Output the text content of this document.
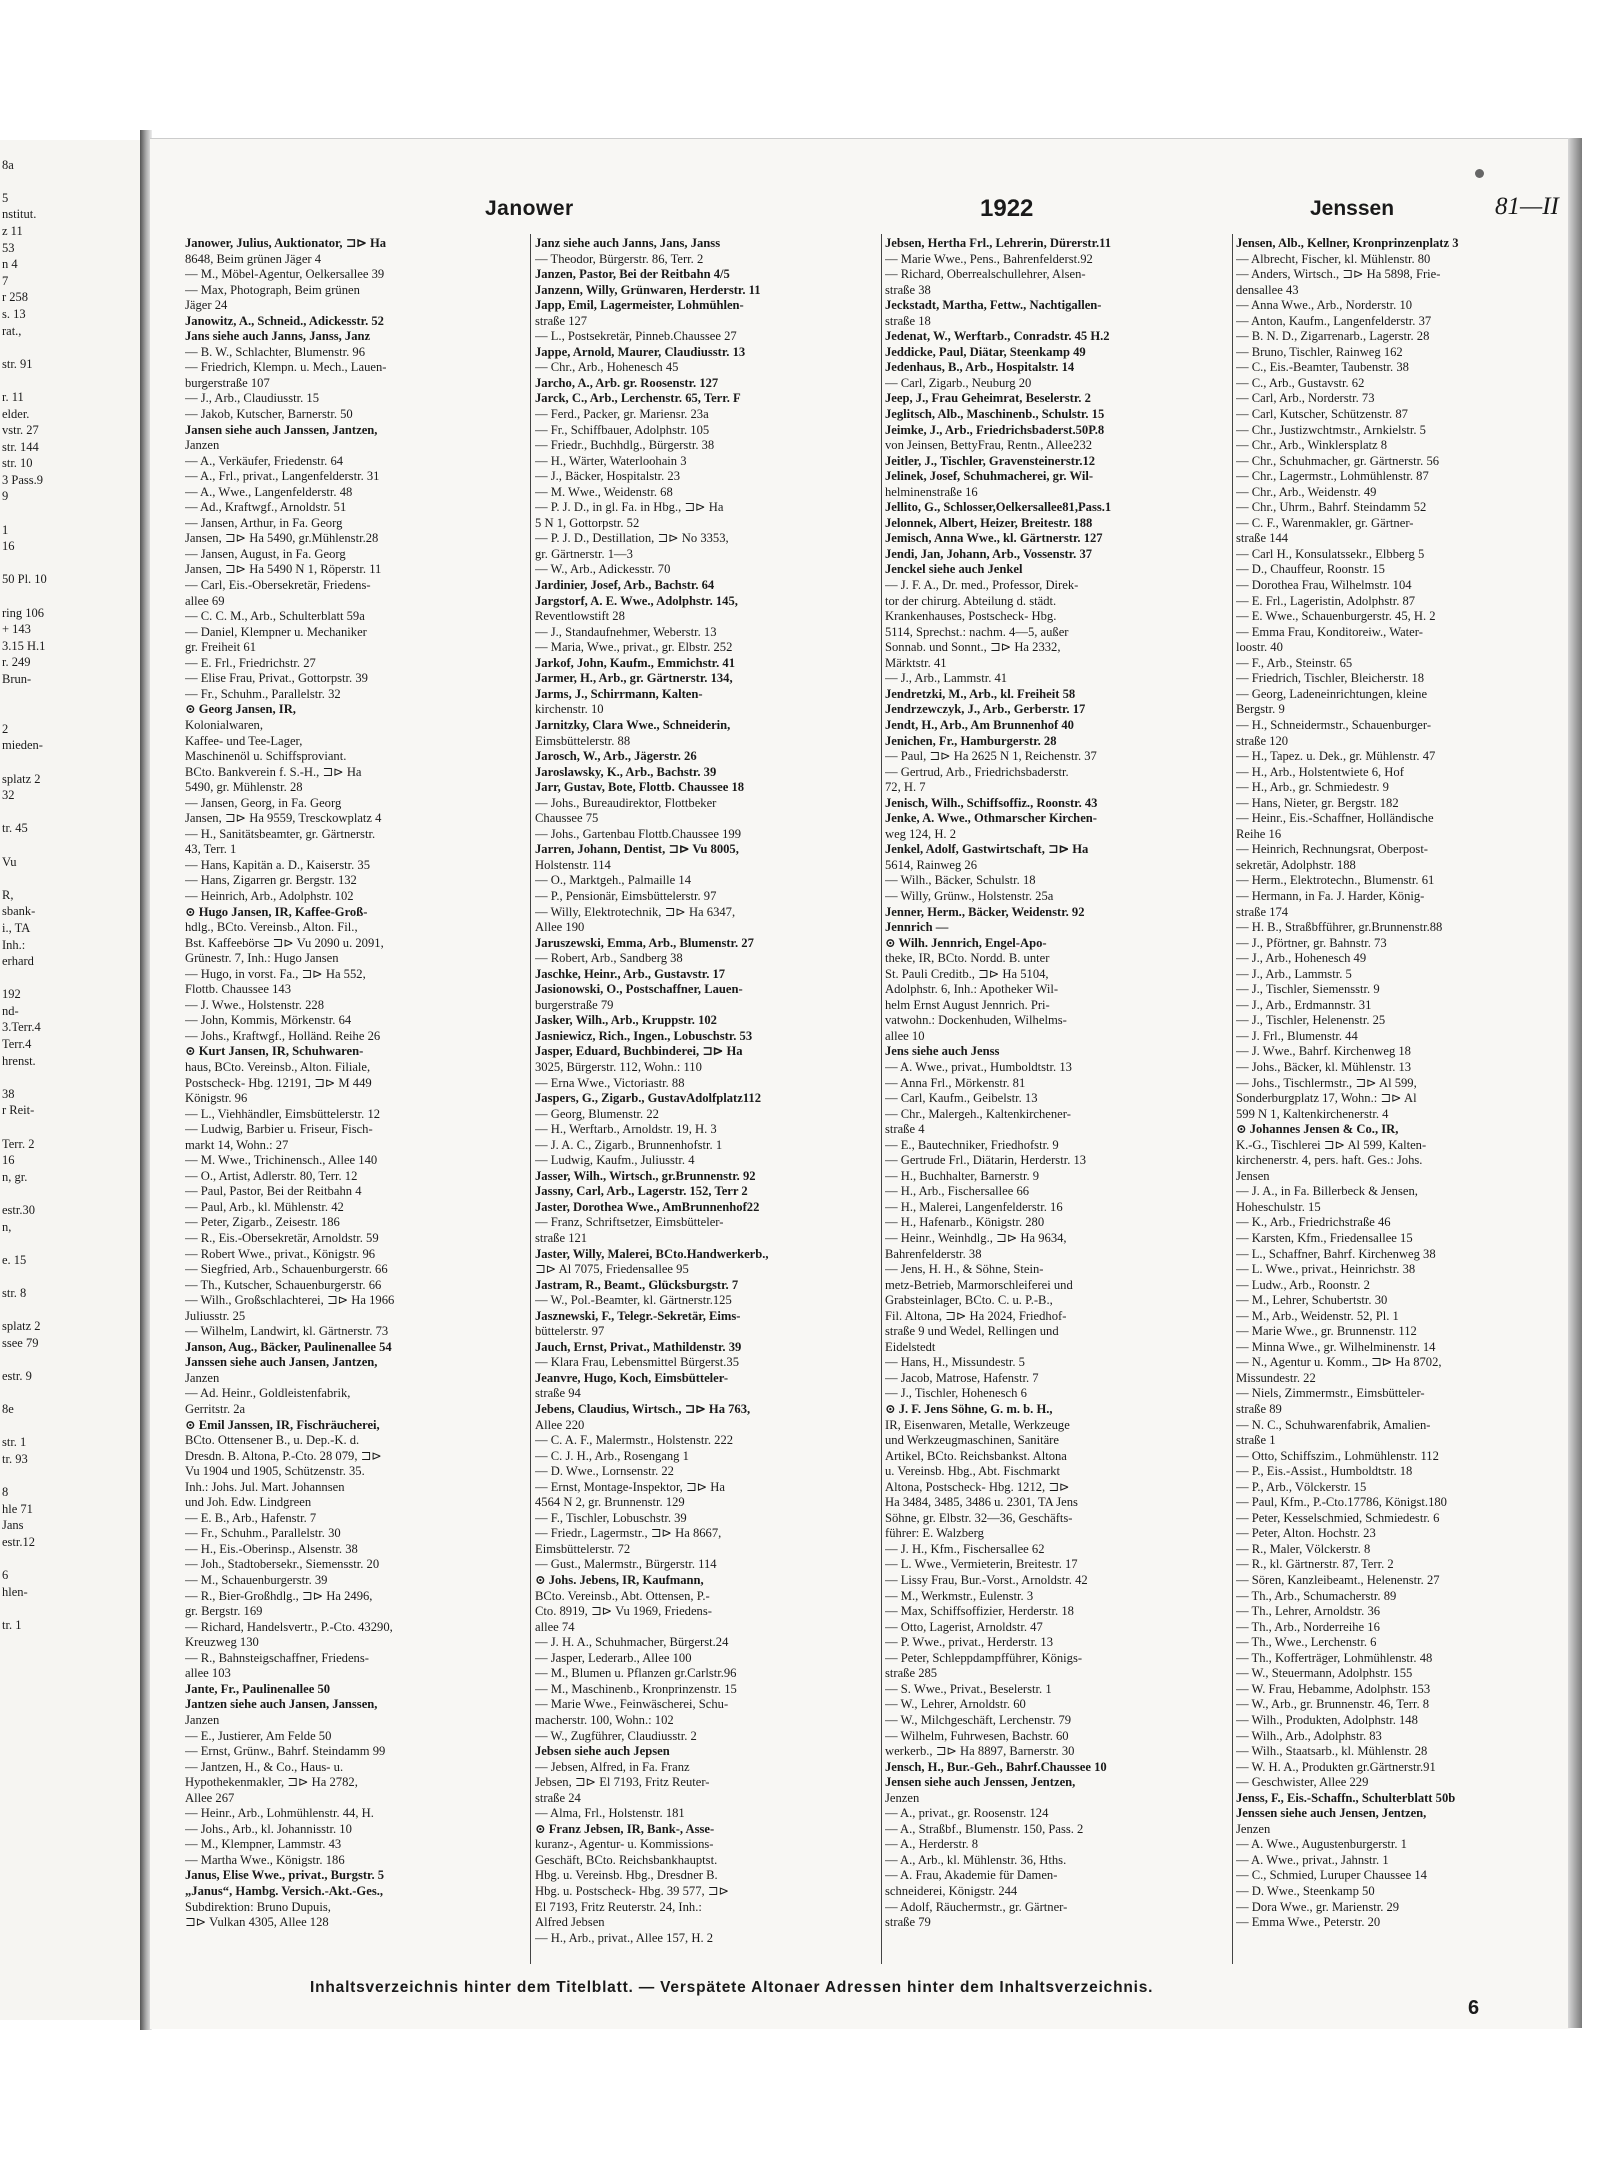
8a

5
nstitut.
z 11
53
n 4
7
r 258
s. 13
rat.,

str. 91

r. 11
elder.
vstr. 27
str. 144
str. 10
3 Pass.9
9

1
16

50 Pl. 10

ring 106
+ 143
3.15 H.1
r. 249
Brun-

2
mieden-

splatz 2
32

tr. 45

Vu

R,
sbank-
i., TA
Inh.:
erhard

192
nd-
3.Terr.4
Terr.4
hrenst.

38
r Reit-

Terr. 2
16
n, gr.

estr.30
n,

e. 15

str. 8

splatz 2
ssee 79

estr. 9

8e

str. 1
tr. 93

8
hle 71
Jans
estr.12

6
hlen-

tr. 1
Janower	1922	Jenssen	81—II
Janower, Julius, Auktionator, ⊐⊳ Ha
8648, Beim grünen Jäger 4
— M., Möbel-Agentur, Oelkersallee 39
— Max, Photograph, Beim grünen
Jäger 24
Janowitz, A., Schneid., Adickesstr. 52
Jans siehe auch Janns, Janss, Janz
— B. W., Schlachter, Blumenstr. 96
— Friedrich, Klempn. u. Mech., Lauen-
burgerstraße 107
— J., Arb., Claudiusstr. 15
— Jakob, Kutscher, Barnerstr. 50
Jansen siehe auch Janssen, Jantzen,
Janzen
— A., Verkäufer, Friedenstr. 64
— A., Frl., privat., Langenfelderstr. 31
— A., Wwe., Langenfelderstr. 48
— Ad., Kraftwgf., Arnoldstr. 51
— Jansen, Arthur, in Fa. Georg
Jansen, ⊐⊳ Ha 5490, gr.Mühlenstr.28
— Jansen, August, in Fa. Georg
Jansen, ⊐⊳ Ha 5490 N 1, Röperstr. 11
— Carl, Eis.-Obersekretär, Friedens-
allee 69
— C. C. M., Arb., Schulterblatt 59a
— Daniel, Klempner u. Mechaniker
gr. Freiheit 61
— E. Frl., Friedrichstr. 27
— Elise Frau, Privat., Gottorpstr. 39
— Fr., Schuhm., Parallelstr. 32
⊙ Georg Jansen, IR,
Kolonialwaren,
Kaffee- und Tee-Lager,
Maschinenöl u. Schiffsproviant.
BCto. Bankverein f. S.-H., ⊐⊳ Ha
5490, gr. Mühlenstr. 28
— Jansen, Georg, in Fa. Georg
Jansen, ⊐⊳ Ha 9559, Tresckowplatz 4
— H., Sanitätsbeamter, gr. Gärtnerstr.
43, Terr. 1
— Hans, Kapitän a. D., Kaiserstr. 35
— Hans, Zigarren gr. Bergstr. 132
— Heinrich, Arb., Adolphstr. 102
⊙ Hugo Jansen, IR, Kaffee-Groß-
hdlg., BCto. Vereinsb., Alton. Fil.,
Bst. Kaffeebörse ⊐⊳ Vu 2090 u. 2091,
Grünestr. 7, Inh.: Hugo Jansen
— Hugo, in vorst. Fa., ⊐⊳ Ha 552,
Flottb. Chaussee 143
— J. Wwe., Holstenstr. 228
— John, Kommis, Mörkenstr. 64
— Johs., Kraftwgf., Holländ. Reihe 26
⊙ Kurt Jansen, IR, Schuhwaren-
haus, BCto. Vereinsb., Alton. Filiale,
Postscheck- Hbg. 12191, ⊐⊳ M 449
Königstr. 96
— L., Viehhändler, Eimsbüttelerstr. 12
— Ludwig, Barbier u. Friseur, Fisch-
markt 14, Wohn.: 27
— M. Wwe., Trichinensch., Allee 140
— O., Artist, Adlerstr. 80, Terr. 12
— Paul, Pastor, Bei der Reitbahn 4
— Paul, Arb., kl. Mühlenstr. 42
— Peter, Zigarb., Zeisestr. 186
— R., Eis.-Obersekretär, Arnoldstr. 59
— Robert Wwe., privat., Königstr. 96
— Siegfried, Arb., Schauenburgerstr. 66
— Th., Kutscher, Schauenburgerstr. 66
— Wilh., Großschlachterei, ⊐⊳ Ha 1966
Juliusstr. 25
— Wilhelm, Landwirt, kl. Gärtnerstr. 73
Janson, Aug., Bäcker, Paulinenallee 54
Janssen siehe auch Jansen, Jantzen,
Janzen
— Ad. Heinr., Goldleistenfabrik,
Gerritstr. 2a
⊙ Emil Janssen, IR, Fischräucherei,
BCto. Ottensener B., u. Dep.-K. d.
Dresdn. B. Altona, P.-Cto. 28 079, ⊐⊳
Vu 1904 und 1905, Schützenstr. 35.
Inh.: Johs. Jul. Mart. Johannsen
und Joh. Edw. Lindgreen
— E. B., Arb., Hafenstr. 7
— Fr., Schuhm., Parallelstr. 30
— H., Eis.-Oberinsp., Alsenstr. 38
— Joh., Stadtobersekr., Siemensstr. 20
— M., Schauenburgerstr. 39
— R., Bier-Großhdlg., ⊐⊳ Ha 2496,
gr. Bergstr. 169
— Richard, Handelsvertr., P.-Cto. 43290,
Kreuzweg 130
— R., Bahnsteigschaffner, Friedens-
allee 103
Jante, Fr., Paulinenallee 50
Jantzen siehe auch Jansen, Janssen,
Janzen
— E., Justierer, Am Felde 50
— Ernst, Grünw., Bahrf. Steindamm 99
— Jantzen, H., & Co., Haus- u.
Hypothekenmakler, ⊐⊳ Ha 2782,
Allee 267
— Heinr., Arb., Lohmühlenstr. 44, H.
— Johs., Arb., kl. Johannisstr. 10
— M., Klempner, Lammstr. 43
— Martha Wwe., Königstr. 186
Janus, Elise Wwe., privat., Burgstr. 5
„Janus“, Hambg. Versich.-Akt.-Ges.,
Subdirektion: Bruno Dupuis,
⊐⊳ Vulkan 4305, Allee 128
Janz siehe auch Janns, Jans, Janss
— Theodor, Bürgerstr. 86, Terr. 2
Janzen, Pastor, Bei der Reitbahn 4/5
Janzenn, Willy, Grünwaren, Herderstr. 11
Japp, Emil, Lagermeister, Lohmühlen-
straße 127
— L., Postsekretär, Pinneb.Chaussee 27
Jappe, Arnold, Maurer, Claudiusstr. 13
— Chr., Arb., Hohenesch 45
Jarcho, A., Arb. gr. Roosenstr. 127
Jarck, C., Arb., Lerchenstr. 65, Terr. F
— Ferd., Packer, gr. Mariensr. 23a
— Fr., Schiffbauer, Adolphstr. 105
— Friedr., Buchhdlg., Bürgerstr. 38
— H., Wärter, Waterloohain 3
— J., Bäcker, Hospitalstr. 23
— M. Wwe., Weidenstr. 68
— P. J. D., in gl. Fa. in Hbg., ⊐⊳ Ha
5 N 1, Gottorpstr. 52
— P. J. D., Destillation, ⊐⊳ No 3353,
gr. Gärtnerstr. 1—3
— W., Arb., Adickesstr. 70
Jardinier, Josef, Arb., Bachstr. 64
Jargstorf, A. E. Wwe., Adolphstr. 145,
Reventlowstift 28
— J., Standaufnehmer, Weberstr. 13
— Maria, Wwe., privat., gr. Elbstr. 252
Jarkof, John, Kaufm., Emmichstr. 41
Jarmer, H., Arb., gr. Gärtnerstr. 134,
Jarms, J., Schirrmann, Kalten-
kirchenstr. 10
Jarnitzky, Clara Wwe., Schneiderin,
Eimsbüttelerstr. 88
Jarosch, W., Arb., Jägerstr. 26
Jaroslawsky, K., Arb., Bachstr. 39
Jarr, Gustav, Bote, Flottb. Chaussee 18
— Johs., Bureaudirektor, Flottbeker
Chaussee 75
— Johs., Gartenbau Flottb.Chaussee 199
Jarren, Johann, Dentist, ⊐⊳ Vu 8005,
Holstenstr. 114
— O., Marktgeh., Palmaille 14
— P., Pensionär, Eimsbüttelerstr. 97
— Willy, Elektrotechnik, ⊐⊳ Ha 6347,
Allee 190
Jaruszewski, Emma, Arb., Blumenstr. 27
— Robert, Arb., Sandberg 38
Jaschke, Heinr., Arb., Gustavstr. 17
Jasionowski, O., Postschaffner, Lauen-
burgerstraße 79
Jasker, Wilh., Arb., Kruppstr. 102
Jasniewicz, Rich., Ingen., Lobuschstr. 53
Jasper, Eduard, Buchbinderei, ⊐⊳ Ha
3025, Bürgerstr. 112, Wohn.: 110
— Erna Wwe., Victoriastr. 88
Jaspers, G., Zigarb., GustavAdolfplatz112
— Georg, Blumenstr. 22
— H., Werftarb., Arnoldstr. 19, H. 3
— J. A. C., Zigarb., Brunnenhofstr. 1
— Ludwig, Kaufm., Juliusstr. 4
Jasser, Wilh., Wirtsch., gr.Brunnenstr. 92
Jassny, Carl, Arb., Lagerstr. 152, Terr 2
Jaster, Dorothea Wwe., AmBrunnenhof22
— Franz, Schriftsetzer, Eimsbütteler-
straße 121
Jaster, Willy, Malerei, BCto.Handwerkerb.,
⊐⊳ Al 7075, Friedensallee 95
Jastram, R., Beamt., Glücksburgstr. 7
— W., Pol.-Beamter, kl. Gärtnerstr.125
Jasznewski, F., Telegr.-Sekretär, Eims-
büttelerstr. 97
Jauch, Ernst, Privat., Mathildenstr. 39
— Klara Frau, Lebensmittel Bürgerst.35
Jeanvre, Hugo, Koch, Eimsbütteler-
straße 94
Jebens, Claudius, Wirtsch., ⊐⊳ Ha 763,
Allee 220
— C. A. F., Malermstr., Holstenstr. 222
— C. J. H., Arb., Rosengang 1
— D. Wwe., Lornsenstr. 22
— Ernst, Montage-Inspektor, ⊐⊳ Ha
4564 N 2, gr. Brunnenstr. 129
— F., Tischler, Lobuschstr. 39
— Friedr., Lagermstr., ⊐⊳ Ha 8667,
Eimsbüttelerstr. 72
— Gust., Malermstr., Bürgerstr. 114
⊙ Johs. Jebens, IR, Kaufmann,
BCto. Vereinsb., Abt. Ottensen, P.-
Cto. 8919, ⊐⊳ Vu 1969, Friedens-
allee 74
— J. H. A., Schuhmacher, Bürgerst.24
— Jasper, Lederarb., Allee 100
— M., Blumen u. Pflanzen gr.Carlstr.96
— M., Maschinenb., Kronprinzenstr. 15
— Marie Wwe., Feinwäscherei, Schu-
macherstr. 100, Wohn.: 102
— W., Zugführer, Claudiusstr. 2
Jebsen siehe auch Jepsen
— Jebsen, Alfred, in Fa. Franz
Jebsen, ⊐⊳ El 7193, Fritz Reuter-
straße 24
— Alma, Frl., Holstenstr. 181
⊙ Franz Jebsen, IR, Bank-, Asse-
kuranz-, Agentur- u. Kommissions-
Geschäft, BCto. Reichsbankhauptst.
Hbg. u. Vereinsb. Hbg., Dresdner B.
Hbg. u. Postscheck- Hbg. 39 577, ⊐⊳
El 7193, Fritz Reuterstr. 24, Inh.:
Alfred Jebsen
— H., Arb., privat., Allee 157, H. 2
Jebsen, Hertha Frl., Lehrerin, Dürerstr.11
— Marie Wwe., Pens., Bahrenfelderst.92
— Richard, Oberrealschullehrer, Alsen-
straße 38
Jeckstadt, Martha, Fettw., Nachtigallen-
straße 18
Jedenat, W., Werftarb., Conradstr. 45 H.2
Jeddicke, Paul, Diätar, Steenkamp 49
Jedenhaus, B., Arb., Hospitalstr. 14
— Carl, Zigarb., Neuburg 20
Jeep, J., Frau Geheimrat, Beselerstr. 2
Jeglitsch, Alb., Maschinenb., Schulstr. 15
Jeimke, J., Arb., Friedrichsbaderst.50P.8
von Jeinsen, BettyFrau, Rentn., Allee232
Jeitler, J., Tischler, Gravensteinerstr.12
Jelinek, Josef, Schuhmacherei, gr. Wil-
helminenstraße 16
Jellito, G., Schlosser,Oelkersallee81,Pass.1
Jelonnek, Albert, Heizer, Breitestr. 188
Jemisch, Anna Wwe., kl. Gärtnerstr. 127
Jendi, Jan, Johann, Arb., Vossenstr. 37
Jenckel siehe auch Jenkel
— J. F. A., Dr. med., Professor, Direk-
tor der chirurg. Abteilung d. städt.
Krankenhauses, Postscheck- Hbg.
5114, Sprechst.: nachm. 4—5, außer
Sonnab. und Sonnt., ⊐⊳ Ha 2332,
Märktstr. 41
— J., Arb., Lammstr. 41
Jendretzki, M., Arb., kl. Freiheit 58
Jendrzewczyk, J., Arb., Gerberstr. 17
Jendt, H., Arb., Am Brunnenhof 40
Jenichen, Fr., Hamburgerstr. 28
— Paul, ⊐⊳ Ha 2625 N 1, Reichenstr. 37
— Gertrud, Arb., Friedrichsbaderstr.
72, H. 7
Jenisch, Wilh., Schiffsoffiz., Roonstr. 43
Jenke, A. Wwe., Othmarscher Kirchen-
weg 124, H. 2
Jenkel, Adolf, Gastwirtschaft, ⊐⊳ Ha
5614, Rainweg 26
— Wilh., Bäcker, Schulstr. 18
— Willy, Grünw., Holstenstr. 25a
Jenner, Herm., Bäcker, Weidenstr. 92
Jennrich —
⊙ Wilh. Jennrich, Engel-Apo-
theke, IR, BCto. Nordd. B. unter
St. Pauli Creditb., ⊐⊳ Ha 5104,
Adolphstr. 6, Inh.: Apotheker Wil-
helm Ernst August Jennrich. Pri-
vatwohn.: Dockenhuden, Wilhelms-
allee 10
Jens siehe auch Jenss
— A. Wwe., privat., Humboldtstr. 13
— Anna Frl., Mörkenstr. 81
— Carl, Kaufm., Geibelstr. 13
— Chr., Malergeh., Kaltenkirchener-
straße 4
— E., Bautechniker, Friedhofstr. 9
— Gertrude Frl., Diätarin, Herderstr. 13
— H., Buchhalter, Barnerstr. 9
— H., Arb., Fischersallee 66
— H., Malerei, Langenfelderstr. 16
— H., Hafenarb., Königstr. 280
— Heinr., Weinhdlg., ⊐⊳ Ha 9634,
Bahrenfelderstr. 38
— Jens, H. H., & Söhne, Stein-
metz-Betrieb, Marmorschleiferei und
Grabsteinlager, BCto. C. u. P.-B.,
Fil. Altona, ⊐⊳ Ha 2024, Friedhof-
straße 9 und Wedel, Rellingen und
Eidelstedt
— Hans, H., Missundestr. 5
— Jacob, Matrose, Hafenstr. 7
— J., Tischler, Hohenesch 6
⊙ J. F. Jens Söhne, G. m. b. H.,
IR, Eisenwaren, Metalle, Werkzeuge
und Werkzeugmaschinen, Sanitäre
Artikel, BCto. Reichsbankst. Altona
u. Vereinsb. Hbg., Abt. Fischmarkt
Altona, Postscheck- Hbg. 1212, ⊐⊳
Ha 3484, 3485, 3486 u. 2301, TA Jens
Söhne, gr. Elbstr. 32—36, Geschäfts-
führer: E. Walzberg
— J. H., Kfm., Fischersallee 62
— L. Wwe., Vermieterin, Breitestr. 17
— Lissy Frau, Bur.-Vorst., Arnoldstr. 42
— M., Werkmstr., Eulenstr. 3
— Max, Schiffsoffizier, Herderstr. 18
— Otto, Lagerist, Arnoldstr. 47
— P. Wwe., privat., Herderstr. 13
— Peter, Schleppdampfführer, Königs-
straße 285
— S. Wwe., Privat., Beselerstr. 1
— W., Lehrer, Arnoldstr. 60
— W., Milchgeschäft, Lerchenstr. 79
— Wilhelm, Fuhrwesen, Bachstr. 60
werkerb., ⊐⊳ Ha 8897, Barnerstr. 30
Jensch, H., Bur.-Geh., Bahrf.Chaussee 10
Jensen siehe auch Jenssen, Jentzen,
Jenzen
— A., privat., gr. Roosenstr. 124
— A., Straßbf., Blumenstr. 150, Pass. 2
— A., Herderstr. 8
— A., Arb., kl. Mühlenstr. 36, Hths.
— A. Frau, Akademie für Damen-
schneiderei, Königstr. 244
— Adolf, Räuchermstr., gr. Gärtner-
straße 79
Jensen, Alb., Kellner, Kronprinzenplatz 3
— Albrecht, Fischer, kl. Mühlenstr. 80
— Anders, Wirtsch., ⊐⊳ Ha 5898, Frie-
densallee 43
— Anna Wwe., Arb., Norderstr. 10
— Anton, Kaufm., Langenfelderstr. 37
— B. N. D., Zigarrenarb., Lagerstr. 28
— Bruno, Tischler, Rainweg 162
— C., Eis.-Beamter, Taubenstr. 38
— C., Arb., Gustavstr. 62
— Carl, Arb., Norderstr. 73
— Carl, Kutscher, Schützenstr. 87
— Chr., Justizwchtmstr., Arnkielstr. 5
— Chr., Arb., Winklersplatz 8
— Chr., Schuhmacher, gr. Gärtnerstr. 56
— Chr., Lagermstr., Lohmühlenstr. 87
— Chr., Arb., Weidenstr. 49
— Chr., Uhrm., Bahrf. Steindamm 52
— C. F., Warenmakler, gr. Gärtner-
straße 144
— Carl H., Konsulatssekr., Elbberg 5
— D., Chauffeur, Roonstr. 15
— Dorothea Frau, Wilhelmstr. 104
— E. Frl., Lageristin, Adolphstr. 87
— E. Wwe., Schauenburgerstr. 45, H. 2
— Emma Frau, Konditoreiw., Water-
loostr. 40
— F., Arb., Steinstr. 65
— Friedrich, Tischler, Bleicherstr. 18
— Georg, Ladeneinrichtungen, kleine
Bergstr. 9
— H., Schneidermstr., Schauenburger-
straße 120
— H., Tapez. u. Dek., gr. Mühlenstr. 47
— H., Arb., Holstentwiete 6, Hof
— H., Arb., gr. Schmiedestr. 9
— Hans, Nieter, gr. Bergstr. 182
— Heinr., Eis.-Schaffner, Holländische
Reihe 16
— Heinrich, Rechnungsrat, Oberpost-
sekretär, Adolphstr. 188
— Herm., Elektrotechn., Blumenstr. 61
— Hermann, in Fa. J. Harder, König-
straße 174
— H. B., Straßbfführer, gr.Brunnenstr.88
— J., Pförtner, gr. Bahnstr. 73
— J., Arb., Hohenesch 49
— J., Arb., Lammstr. 5
— J., Tischler, Siemensstr. 9
— J., Arb., Erdmannstr. 31
— J., Tischler, Helenenstr. 25
— J. Frl., Blumenstr. 44
— J. Wwe., Bahrf. Kirchenweg 18
— Johs., Bäcker, kl. Mühlenstr. 13
— Johs., Tischlermstr., ⊐⊳ Al 599,
Sonderburgplatz 17, Wohn.: ⊐⊳ Al
599 N 1, Kaltenkirchenerstr. 4
⊙ Johannes Jensen & Co., IR,
K.-G., Tischlerei ⊐⊳ Al 599, Kalten-
kirchenerstr. 4, pers. haft. Ges.: Johs.
Jensen
— J. A., in Fa. Billerbeck & Jensen,
Hoheschulstr. 15
— K., Arb., Friedrichstraße 46
— Karsten, Kfm., Friedensallee 15
— L., Schaffner, Bahrf. Kirchenweg 38
— L. Wwe., privat., Heinrichstr. 38
— Ludw., Arb., Roonstr. 2
— M., Lehrer, Schubertstr. 30
— M., Arb., Weidenstr. 52, Pl. 1
— Marie Wwe., gr. Brunnenstr. 112
— Minna Wwe., gr. Wilhelminenstr. 14
— N., Agentur u. Komm., ⊐⊳ Ha 8702,
Missundestr. 22
— Niels, Zimmermstr., Eimsbütteler-
straße 89
— N. C., Schuhwarenfabrik, Amalien-
straße 1
— Otto, Schiffszim., Lohmühlenstr. 112
— P., Eis.-Assist., Humboldtstr. 18
— P., Arb., Völckerstr. 15
— Paul, Kfm., P.-Cto.17786, Königst.180
— Peter, Kesselschmied, Schmiedestr. 6
— Peter, Alton. Hochstr. 23
— R., Maler, Völckerstr. 8
— R., kl. Gärtnerstr. 87, Terr. 2
— Sören, Kanzleibeamt., Helenenstr. 27
— Th., Arb., Schumacherstr. 89
— Th., Lehrer, Arnoldstr. 36
— Th., Arb., Norderreihe 16
— Th., Wwe., Lerchenstr. 6
— Th., Kofferträger, Lohmühlenstr. 48
— W., Steuermann, Adolphstr. 155
— W. Frau, Hebamme, Adolphstr. 153
— W., Arb., gr. Brunnenstr. 46, Terr. 8
— Wilh., Produkten, Adolphstr. 148
— Wilh., Arb., Adolphstr. 83
— Wilh., Staatsarb., kl. Mühlenstr. 28
— W. H. A., Produkten gr.Gärtnerstr.91
— Geschwister, Allee 229
Jenss, F., Eis.-Schaffn., Schulterblatt 50b
Jenssen siehe auch Jensen, Jentzen,
Jenzen
— A. Wwe., Augustenburgerstr. 1
— A. Wwe., privat., Jahnstr. 1
— C., Schmied, Luruper Chaussee 14
— D. Wwe., Steenkamp 50
— Dora Wwe., gr. Marienstr. 29
— Emma Wwe., Peterstr. 20
Inhaltsverzeichnis hinter dem Titelblatt. — Verspätete Altonaer Adressen hinter dem Inhaltsverzeichnis.
6
